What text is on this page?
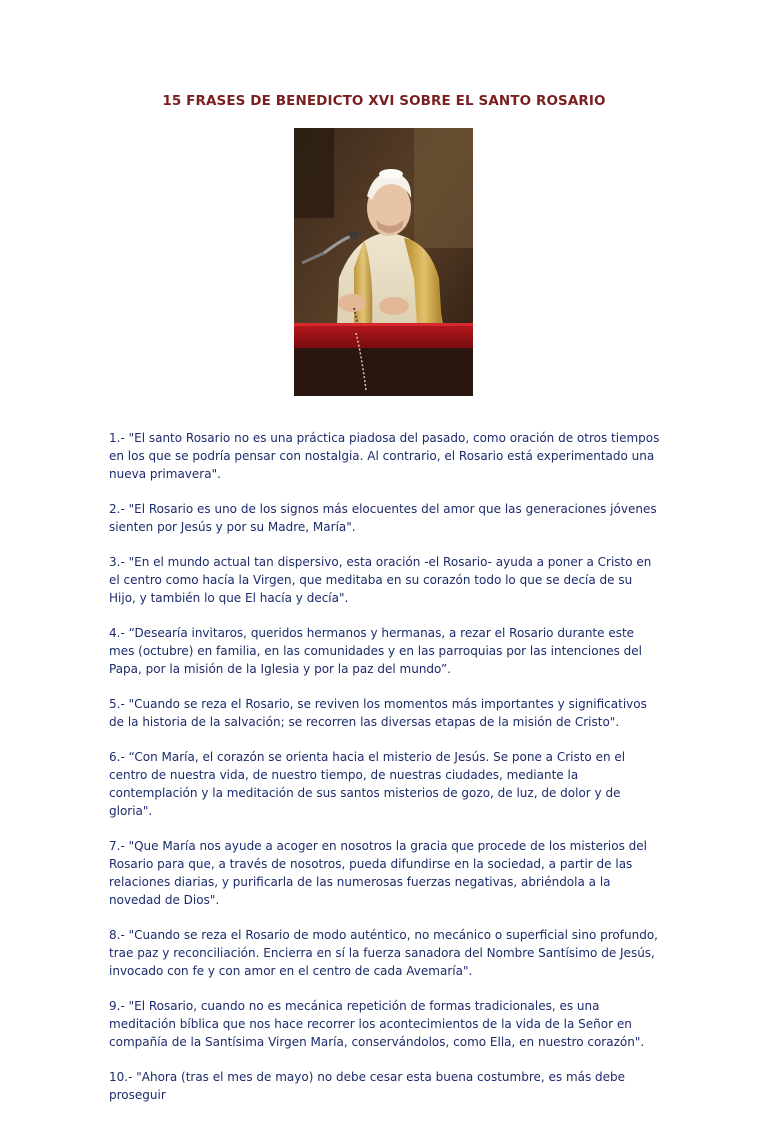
15 FRASES DE BENEDICTO XVI SOBRE EL SANTO ROSARIO

1.- "El santo Rosario no es una práctica piadosa del pasado, como oración de otros tiempos en los que se podría pensar con nostalgia. Al contrario, el Rosario está experimentado una nueva primavera".

2.- "El Rosario es uno de los signos más elocuentes del amor que las generaciones jóvenes sienten por Jesús y por su Madre, María".

3.- "En el mundo actual tan dispersivo, esta oración -el Rosario- ayuda a poner a Cristo en el centro como hacía la Virgen, que meditaba en su corazón todo lo que se decía de su Hijo, y también lo que El hacía y decía".

4.- “Desearía invitaros, queridos hermanos y hermanas, a rezar el Rosario durante este mes (octubre) en familia, en las comunidades y en las parroquias por las intenciones del Papa, por la misión de la Iglesia y por la paz del mundo”.

5.- "Cuando se reza el Rosario, se reviven los momentos más importantes y significativos de la historia de la salvación; se recorren las diversas etapas de la misión de Cristo".

6.- “Con María, el corazón se orienta hacia el misterio de Jesús. Se pone a Cristo en el centro de nuestra vida, de nuestro tiempo, de nuestras ciudades, mediante la contemplación y la meditación de sus santos misterios de gozo, de luz, de dolor y de gloria".

7.- "Que María nos ayude a acoger en nosotros la gracia que procede de los misterios del Rosario para que, a través de nosotros, pueda difundirse en la sociedad, a partir de las relaciones diarias, y purificarla de las numerosas fuerzas negativas, abriéndola a la novedad de Dios".

8.- "Cuando se reza el Rosario de modo auténtico, no mecánico o superficial sino profundo, trae paz y reconciliación. Encierra en sí la fuerza sanadora del Nombre Santísimo de Jesús, invocado con fe y con amor en el centro de cada Avemaría".

9.- "El Rosario, cuando no es mecánica repetición de formas tradicionales, es una meditación bíblica que nos hace recorrer los acontecimientos de la vida de la Señor en compañía de la Santísima Virgen María, conservándolos, como Ella, en nuestro corazón".

10.- "Ahora (tras el mes de mayo) no debe cesar esta buena costumbre, es más debe proseguir
